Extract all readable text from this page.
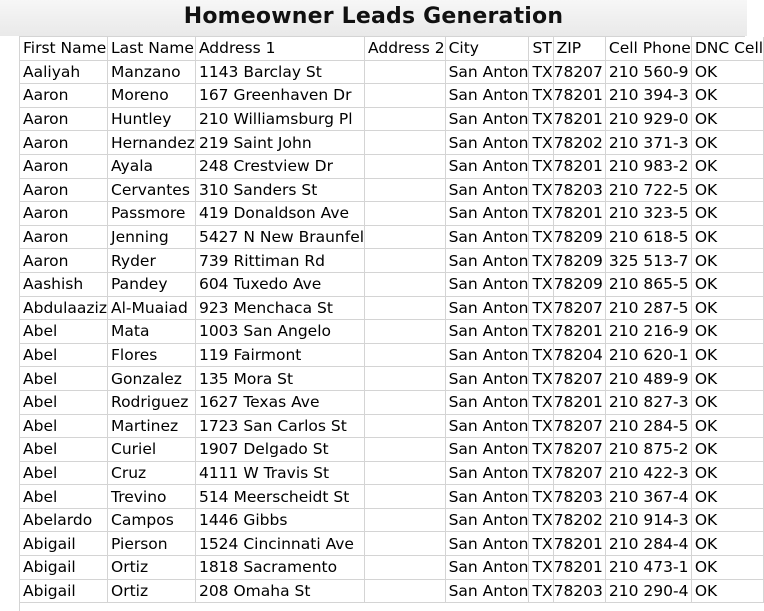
Homeowner Leads Generation
First Name	Last Name	Address 1	Address 2	City	ST	ZIP	Cell Phone	DNC Cell
Aaliyah	Manzano	1143 Barclay St		San Anton	TX	78207	210 560-9	OK
Aaron	Moreno	167 Greenhaven Dr		San Anton	TX	78201	210 394-3	OK
Aaron	Huntley	210 Williamsburg Pl		San Anton	TX	78201	210 929-0	OK
Aaron	Hernandez	219 Saint John		San Anton	TX	78202	210 371-3	OK
Aaron	Ayala	248 Crestview Dr		San Anton	TX	78201	210 983-2	OK
Aaron	Cervantes	310 Sanders St		San Anton	TX	78203	210 722-5	OK
Aaron	Passmore	419 Donaldson Ave		San Anton	TX	78201	210 323-5	OK
Aaron	Jenning	5427 N New Braunfel		San Anton	TX	78209	210 618-5	OK
Aaron	Ryder	739 Rittiman Rd		San Anton	TX	78209	325 513-7	OK
Aashish	Pandey	604 Tuxedo Ave		San Anton	TX	78209	210 865-5	OK
Abdulaaziz	Al-Muaiad	923 Menchaca St		San Anton	TX	78207	210 287-5	OK
Abel	Mata	1003 San Angelo		San Anton	TX	78201	210 216-9	OK
Abel	Flores	119 Fairmont		San Anton	TX	78204	210 620-1	OK
Abel	Gonzalez	135 Mora St		San Anton	TX	78207	210 489-9	OK
Abel	Rodriguez	1627 Texas Ave		San Anton	TX	78201	210 827-3	OK
Abel	Martinez	1723 San Carlos St		San Anton	TX	78207	210 284-5	OK
Abel	Curiel	1907 Delgado St		San Anton	TX	78207	210 875-2	OK
Abel	Cruz	4111 W Travis St		San Anton	TX	78207	210 422-3	OK
Abel	Trevino	514 Meerscheidt St		San Anton	TX	78203	210 367-4	OK
Abelardo	Campos	1446 Gibbs		San Anton	TX	78202	210 914-3	OK
Abigail	Pierson	1524 Cincinnati Ave		San Anton	TX	78201	210 284-4	OK
Abigail	Ortiz	1818 Sacramento		San Anton	TX	78201	210 473-1	OK
Abigail	Ortiz	208 Omaha St		San Anton	TX	78203	210 290-4	OK
